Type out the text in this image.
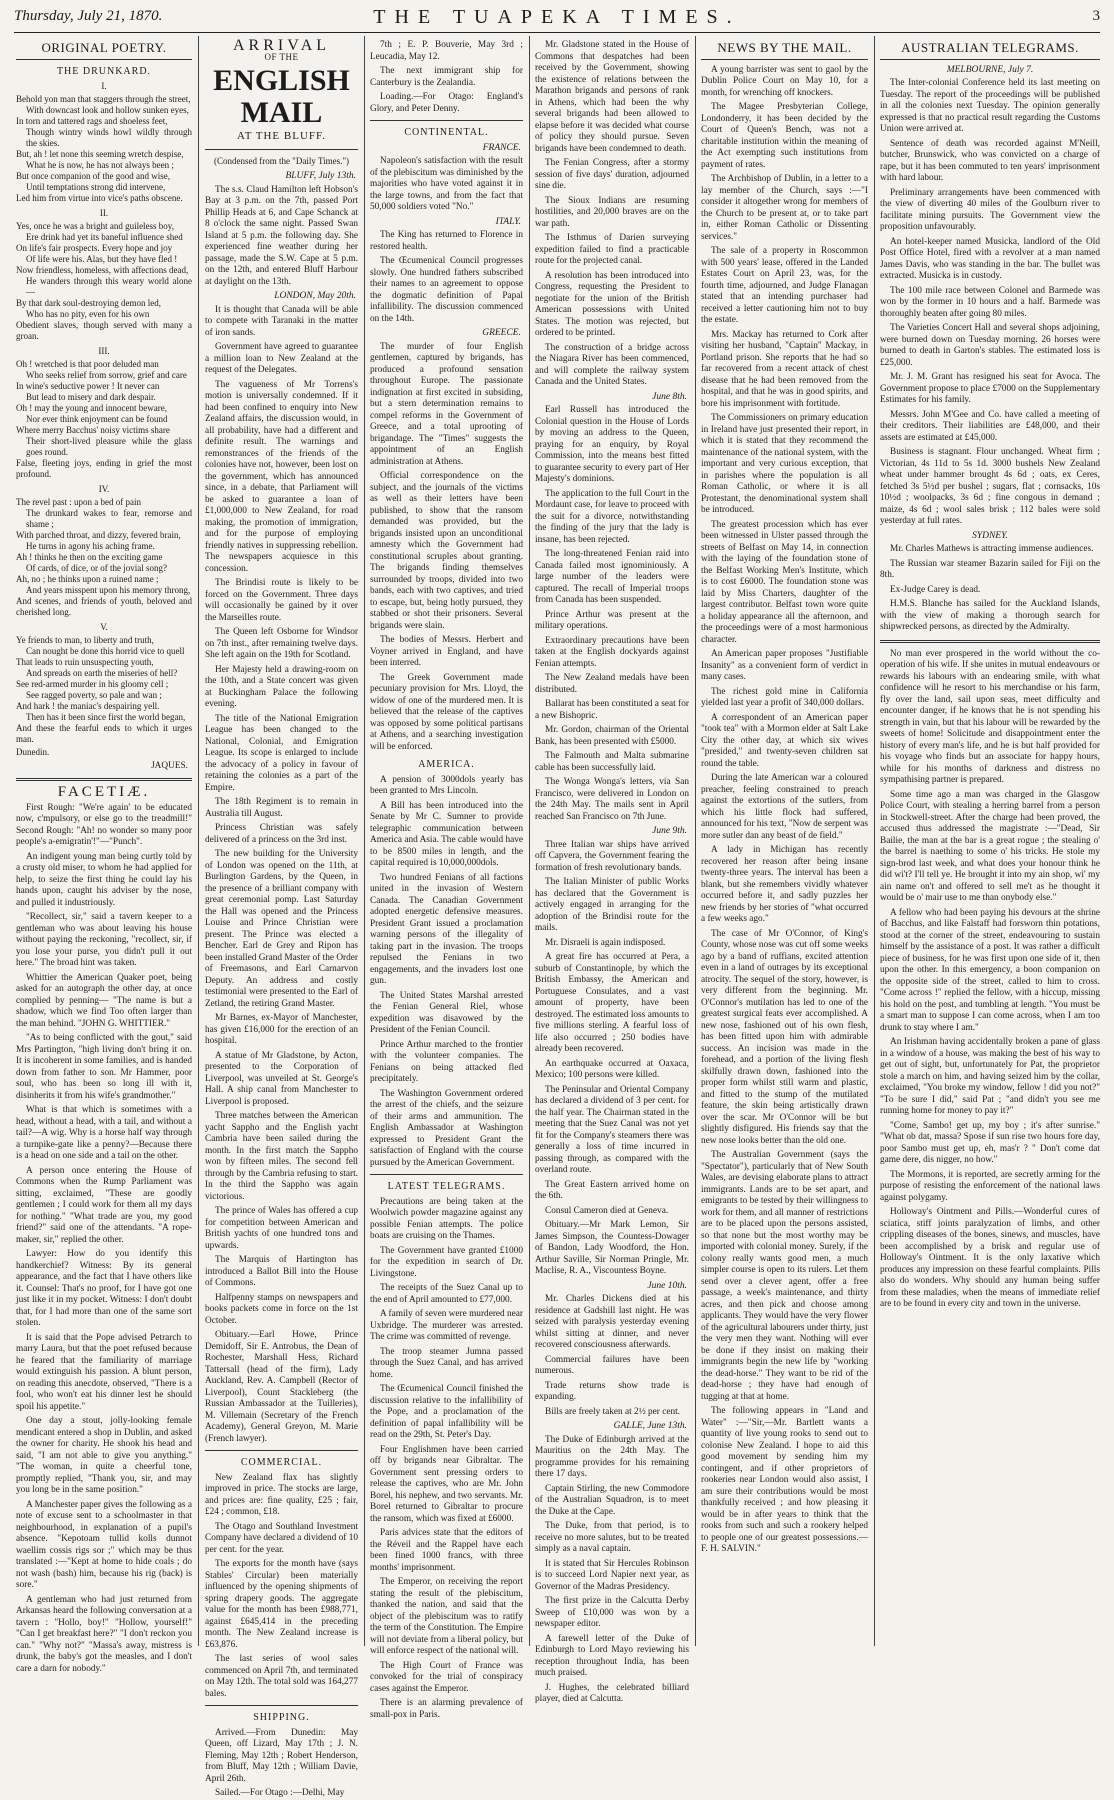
Thursday, July 21, 1870.	THE TUAPEKA TIMES.	3
ORIGINAL POETRY.
THE DRUNKARD.
I.
Behold yon man that staggers through the street,
With downcast look and hollow sunken eyes,
In torn and tattered rags and shoeless feet,
Though wintry winds howl wildly through the skies.
But, ah ! let none this seeming wretch despise,
What he is now, he has not always been ;
But once companion of the good and wise,
Until temptations strong did intervene,
Led him from virtue into vice's paths obscene.
II.
Yes, once he was a bright and guileless boy,
Ere drink had yet its baneful influence shed
On life's fair prospects. Every hope and joy
Of life were his. Alas, but they have fled !
Now friendless, homeless, with affections dead,
He wanders through this weary world alone—
By that dark soul-destroying demon led,
Who has no pity, even for his own
Obedient slaves, though served with many a groan.
III.
Oh ! wretched is that poor deluded man
Who seeks relief from sorrow, grief and care
In wine's seductive power ! It never can
But lead to misery and dark despair.
Oh ! may the young and innocent beware,
Nor ever think enjoyment can be found
Where merry Bacchus' noisy victims share
Their short-lived pleasure while the glass goes round.
False, fleeting joys, ending in grief the most profound.
IV.
The revel past : upon a bed of pain
The drunkard wakes to fear, remorse and shame ;
With parched throat, and dizzy, fevered brain,
He turns in agony his aching frame.
Ah ! thinks he then on the exciting game
Of cards, of dice, or of the jovial song?
Ah, no ; he thinks upon a ruined name ;
And years misspent upon his memory throng,
And scenes, and friends of youth, beloved and cherished long.
V.
Ye friends to man, to liberty and truth,
Can nought be done this horrid vice to quell
That leads to ruin unsuspecting youth,
And spreads on earth the miseries of hell?
See red-armed murder in his gloomy cell ;
See ragged poverty, so pale and wan ;
And hark ! the maniac's despairing yell.
Then has it been since first the world began,
And these the fearful ends to which it urges man.
Dunedin.
JAQUES.
FACETIÆ.

First Rough: "We're again' to be educated now, c'mpulsory, or else go to the treadmill!" Second Rough: "Ah! no wonder so many poor people's a-emigratin'!"—"Punch".

An indigent young man being curtly told by a crusty old miser, to whom he had applied for help, to seize the first thing he could lay his hands upon, caught his adviser by the nose, and pulled it industriously.

"Recollect, sir," said a tavern keeper to a gentleman who was about leaving his house without paying the reckoning, "recollect, sir, if you lose your purse, you didn't pull it out here." The broad hint was taken.

Whittier the American Quaker poet, being asked for an autograph the other day, at once complied by penning— "The name is but a shadow, which we find Too often larger than the man behind. "JOHN G. WHITTIER."

"As to being conflicted with the gout," said Mrs Partington, "high living don't bring it on. It is incoherent in some families, and is handed down from father to son. Mr Hammer, poor soul, who has been so long ill with it, disinherits it from his wife's grandmother."

What is that which is sometimes with a head, without a head, with a tail, and without a tail?—A wig. Why is a horse half way through a turnpike-gate like a penny?—Because there is a head on one side and a tail on the other.

A person once entering the House of Commons when the Rump Parliament was sitting, exclaimed, "These are goodly gentlemen ; I could work for them all my days for nothing." "What trade are you, my good friend?" said one of the attendants. "A rope-maker, sir," replied the other.

Lawyer: How do you identify this handkerchief? Witness: By its general appearance, and the fact that I have others like it. Counsel: That's no proof, for I have got one just like it in my pocket. Witness: I don't doubt that, for I had more than one of the same sort stolen.

It is said that the Pope advised Petrarch to marry Laura, but that the poet refused because he feared that the familiarity of marriage would extinguish his passion. A blunt person, on reading this anecdote, observed, "There is a fool, who won't eat his dinner lest he should spoil his appetite."

One day a stout, jolly-looking female mendicant entered a shop in Dublin, and asked the owner for charity. He shook his head and said, "I am not able to give you anything." "The woman, in quite a cheerful tone, promptly replied, "Thank you, sir, and may you long be in the same position."

A Manchester paper gives the following as a note of excuse sent to a schoolmaster in that neighbourhood, in explanation of a pupil's absence. "Kepotoam tullid kolls dunnot waellim cossis rigs sor ;" which may be thus translated :—"Kept at home to hide coals ; do not wash (bash) him, because his rig (back) is sore."

A gentleman who had just returned from Arkansas heard the following conversation at a tavern : "Hollo, boy!" "Hollow, yourself!" "Can I get breakfast here?" "I don't reckon you can." "Why not?" "Massa's away, mistress is drunk, the baby's got the measles, and I don't care a darn for nobody."

ARRIVAL
OF THE
ENGLISH MAIL
AT THE BLUFF.
(Condensed from the "Daily Times.")
BLUFF, July 13th.

The s.s. Claud Hamilton left Hobson's Bay at 3 p.m. on the 7th, passed Port Phillip Heads at 6, and Cape Schanck at 8 o'clock the same night. Passed Swan Island at 5 p.m. the following day. She experienced fine weather during her passage, made the S.W. Cape at 5 p.m. on the 12th, and entered Bluff Harbour at daylight on the 13th.

LONDON, May 20th.

It is thought that Canada will be able to compete with Taranaki in the matter of iron sands.

Government have agreed to guarantee a million loan to New Zealand at the request of the Delegates.

The vagueness of Mr Torrens's motion is universally condemned. If it had been confined to enquiry into New Zealand affairs, the discussion would, in all probability, have had a different and definite result. The warnings and remonstrances of the friends of the colonies have not, however, been lost on the government, which has announced since, in a debate, that Parliament will be asked to guarantee a loan of £1,000,000 to New Zealand, for road making, the promotion of immigration, and for the purpose of employing friendly natives in suppressing rebellion. The newspapers acquiesce in this concession.

The Brindisi route is likely to be forced on the Government. Three days will occasionally be gained by it over the Marseilles route.

The Queen left Osborne for Windsor on 7th inst., after remaining twelve days. She left again on the 19th for Scotland.

Her Majesty held a drawing-room on the 10th, and a State concert was given at Buckingham Palace the following evening.

The title of the National Emigration League has been changed to the National, Colonial, and Emigration League. Its scope is enlarged to include the advocacy of a policy in favour of retaining the colonies as a part of the Empire.

The 18th Regiment is to remain in Australia till August.

Princess Christian was safely delivered of a princess on the 3rd inst.

The new building for the University of London was opened on the 11th, at Burlington Gardens, by the Queen, in the presence of a brilliant company with great ceremonial pomp. Last Saturday the Hall was opened and the Princess Louise and Prince Christian were present. The Prince was elected a Bencher. Earl de Grey and Ripon has been installed Grand Master of the Order of Freemasons, and Earl Carnarvon Deputy. An address and costly testimonial were presented to the Earl of Zetland, the retiring Grand Master.

Mr Barnes, ex-Mayor of Manchester, has given £16,000 for the erection of an hospital.

A statue of Mr Gladstone, by Acton, presented to the Corporation of Liverpool, was unveiled at St. George's Hall. A ship canal from Manchester to Liverpool is proposed.

Three matches between the American yacht Sappho and the English yacht Cambria have been sailed during the month. In the first match the Sappho won by fifteen miles. The second fell through by the Cambria refusing to start. In the third the Sappho was again victorious.

The prince of Wales has offered a cup for competition between American and British yachts of one hundred tons and upwards.

The Marquis of Hartington has introduced a Ballot Bill into the House of Commons.

Halfpenny stamps on newspapers and books packets come in force on the 1st October.

Obituary.—Earl Howe, Prince Demidoff, Sir E. Antrobus, the Dean of Rochester, Marshall Hess, Richard Tattersall (head of the firm), Lady Auckland, Rev. A. Campbell (Rector of Liverpool), Count Stackleberg (the Russian Ambassador at the Tuilleries), M. Villemain (Secretary of the French Academy), General Greyon, M. Marie (French lawyer).

COMMERCIAL.

New Zealand flax has slightly improved in price. The stocks are large, and prices are: fine quality, £25 ; fair, £24 ; common, £18.

The Otago and Southland Investment Company have declared a dividend of 10 per cent. for the year.

The exports for the month have (says Stables' Circular) been materially influenced by the opening shipments of spring drapery goods. The aggregate value for the month has been £988,771, against £645,414 in the preceding month. The New Zealand increase is £63,876.

The last series of wool sales commenced on April 7th, and terminated on May 12th. The total sold was 164,277 bales.

SHIPPING.

Arrived.—From Dunedin: May Queen, off Lizard, May 17th ; J. N. Fleming, May 12th ; Robert Henderson, from Bluff, May 12th ; William Davie, April 26th.

Sailed.—For Otago :—Delhi, May

7th ; E. P. Bouverie, May 3rd ; Leucadia, May 12.

The next immigrant ship for Canterbury is the Zealandia.

Loading.—For Otago: England's Glory, and Peter Denny.

CONTINENTAL.
FRANCE.

Napoleon's satisfaction with the result of the plebiscitum was diminished by the majorities who have voted against it in the large towns, and from the fact that 50,000 soldiers voted "No."

ITALY.

The King has returned to Florence in restored health.

The Œcumenical Council progresses slowly. One hundred fathers subscribed their names to an agreement to oppose the dogmatic definition of Papal infallibility. The discussion commenced on the 14th.

GREECE.

The murder of four English gentlemen, captured by brigands, has produced a profound sensation throughout Europe. The passionate indignation at first excited in subsiding, but a stern determination remains to compel reforms in the Government of Greece, and a total uprooting of brigandage. The "Times" suggests the appointment of an English administration at Athens.

Official correspondence on the subject, and the journals of the victims as well as their letters have been published, to show that the ransom demanded was provided, but the brigands insisted upon an unconditional amnesty which the Government had constitutional scruples about granting. The brigands finding themselves surrounded by troops, divided into two bands, each with two captives, and tried to escape, but, being hotly pursued, they stabbed or shot their prisoners. Several brigands were slain.

The bodies of Messrs. Herbert and Voyner arrived in England, and have been interred.

The Greek Government made pecuniary provision for Mrs. Lloyd, the widow of one of the murdered men. It is believed that the release of the captives was opposed by some political partisans at Athens, and a searching investigation will be enforced.

AMERICA.

A pension of 3000dols yearly has been granted to Mrs Lincoln.

A Bill has been introduced into the Senate by Mr C. Sumner to provide telegraphic communication between America and Asia. The cable would have to be 8500 miles in length, and the capital required is 10,000,000dols.

Two hundred Fenians of all factions united in the invasion of Western Canada. The Canadian Government adopted energetic defensive measures. President Grant issued a proclamation warning persons of the illegality of taking part in the invasion. The troops repulsed the Fenians in two engagements, and the invaders lost one gun.

The United States Marshal arrested the Fenian General Riel, whose expedition was disavowed by the President of the Fenian Council.

Prince Arthur marched to the frontier with the volunteer companies. The Fenians on being attacked fled precipitately.

The Washington Government ordered the arrest of the chiefs, and the seizure of their arms and ammunition. The English Ambassador at Washington expressed to President Grant the satisfaction of England with the course pursued by the American Government.

LATEST TELEGRAMS.

Precautions are being taken at the Woolwich powder magazine against any possible Fenian attempts. The police boats are cruising on the Thames.

The Government have granted £1000 for the expedition in search of Dr. Livingstone.

The receipts of the Suez Canal up to the end of April amounted to £77,000.

A family of seven were murdered near Uxbridge. The murderer was arrested. The crime was committed of revenge.

The troop steamer Jumna passed through the Suez Canal, and has arrived home.

The Œcumenical Council finished the discussion relative to the infallibility of the Pope, and a proclamation of the definition of papal infallibility will be read on the 29th, St. Peter's Day.

Four Englishmen have been carried off by brigands near Gibraltar. The Government sent pressing orders to release the captives, who are Mr. John Borel, his nephew, and two servants. Mr. Borel returned to Gibraltar to procure the ransom, which was fixed at £6000.

Paris advices state that the editors of the Réveil and the Rappel have each been fined 1000 francs, with three months' imprisonment.

The Emperor, on receiving the report stating the result of the plebiscitum, thanked the nation, and said that the object of the plebiscitum was to ratify the term of the Constitution. The Empire will not deviate from a liberal policy, but will enforce respect of the national will.

The High Court of France was convoked for the trial of conspiracy cases against the Emperor.

There is an alarming prevalence of small-pox in Paris.

Mr. Gladstone stated in the House of Commons that despatches had been received by the Government, showing the existence of relations between the Marathon brigands and persons of rank in Athens, which had been the why several brigands had been allowed to elapse before it was decided what course of policy they should pursue. Seven brigands have been condemned to death.

The Fenian Congress, after a stormy session of five days' duration, adjourned sine die.

The Sioux Indians are resuming hostilities, and 20,000 braves are on the war path.

The Isthmus of Darien surveying expedition failed to find a practicable route for the projected canal.

A resolution has been introduced into Congress, requesting the President to negotiate for the union of the British American possessions with United States. The motion was rejected, but ordered to be printed.

The construction of a bridge across the Niagara River has been commenced, and will complete the railway system Canada and the United States.

June 8th.

Earl Russell has introduced the Colonial question in the House of Lords by moving an address to the Queen, praying for an enquiry, by Royal Commission, into the means best fitted to guarantee security to every part of Her Majesty's dominions.

The application to the full Court in the Mordaunt case, for leave to proceed with the suit for a divorce, notwithstanding the finding of the jury that the lady is insane, has been rejected.

The long-threatened Fenian raid into Canada failed most ignominiously. A large number of the leaders were captured. The recall of Imperial troops from Canada has been suspended.

Prince Arthur was present at the military operations.

Extraordinary precautions have been taken at the English dockyards against Fenian attempts.

The New Zealand medals have been distributed.

Ballarat has been constituted a seat for a new Bishopric.

Mr. Gordon, chairman of the Oriental Bank, has been presented with £5000.

The Falmouth and Malta submarine cable has been successfully laid.

The Wonga Wonga's letters, via San Francisco, were delivered in London on the 24th May. The mails sent in April reached San Francisco on 7th June.

June 9th.

Three Italian war ships have arrived off Capvera, the Government fearing the formation of fresh revolutionary bands.

The Italian Minister of public Works has declared that the Government is actively engaged in arranging for the adoption of the Brindisi route for the mails.

Mr. Disraeli is again indisposed.

A great fire has occurred at Pera, a suburb of Constantinople, by which the British Embassy, the American and Portuguese Consulates, and a vast amount of property, have been destroyed. The estimated loss amounts to five millions sterling. A fearful loss of life also occurred ; 250 bodies have already been recovered.

An earthquake occurred at Oaxaca, Mexico; 100 persons were killed.

The Peninsular and Oriental Company has declared a dividend of 3 per cent. for the half year. The Chairman stated in the meeting that the Suez Canal was not yet fit for the Company's steamers there was generally a loss of time incurred in passing through, as compared with the overland route.

The Great Eastern arrived home on the 6th.

Consul Cameron died at Geneva.

Obituary.—Mr Mark Lemon, Sir James Simpson, the Countess-Dowager of Bandon, Lady Woodford, the Hon. Arthur Saville, Sir Norman Pringle, Mr. Maclise, R. A., Viscountess Boyne.

June 10th.

Mr. Charles Dickens died at his residence at Gadshill last night. He was seized with paralysis yesterday evening whilst sitting at dinner, and never recovered consciousness afterwards.

Commercial failures have been numerous.

Trade returns show trade is expanding.

Bills are freely taken at 2½ per cent.

GALLE, June 13th.

The Duke of Edinburgh arrived at the Mauritius on the 24th May. The programme provides for his remaining there 17 days.

Captain Stirling, the new Commodore of the Australian Squadron, is to meet the Duke at the Cape.

The Duke, from that period, is to receive no more salutes, but to be treated simply as a naval captain.

It is stated that Sir Hercules Robinson is to succeed Lord Napier next year, as Governor of the Madras Presidency.

The first prize in the Calcutta Derby Sweep of £10,000 was won by a newspaper editor.

A farewell letter of the Duke of Edinburgh to Lord Mayo reviewing his reception throughout India, has been much praised.

J. Hughes, the celebrated billiard player, died at Calcutta.

NEWS BY THE MAIL.

A young barrister was sent to gaol by the Dublin Police Court on May 10, for a month, for wrenching off knockers.

The Magee Presbyterian College, Londonderry, it has been decided by the Court of Queen's Bench, was not a charitable institution within the meaning of the Act exempting such institutions from payment of rates.

The Archbishop of Dublin, in a letter to a lay member of the Church, says :—"I consider it altogether wrong for members of the Church to be present at, or to take part in, either Roman Catholic or Dissenting services."

The sale of a property in Roscommon with 500 years' lease, offered in the Landed Estates Court on April 23, was, for the fourth time, adjourned, and Judge Flanagan stated that an intending purchaser had received a letter cautioning him not to buy the estate.

Mrs. Mackay has returned to Cork after visiting her husband, "Captain" Mackay, in Portland prison. She reports that he had so far recovered from a recent attack of chest disease that he had been removed from the hospital, and that he was in good spirits, and bore his imprisonment with fortitude.

The Commissioners on primary education in Ireland have just presented their report, in which it is stated that they recommend the maintenance of the national system, with the important and very curious exception, that in parishes where the population is all Roman Catholic, or where it is all Protestant, the denominational system shall be introduced.

The greatest procession which has ever been witnessed in Ulster passed through the streets of Belfast on May 14, in connection with the laying of the foundation stone of the Belfast Working Men's Institute, which is to cost £6000. The foundation stone was laid by Miss Charters, daughter of the largest contributor. Belfast town wore quite a holiday appearance all the afternoon, and the proceedings were of a most harmonious character.

An American paper proposes "Justifiable Insanity" as a convenient form of verdict in many cases.

The richest gold mine in California yielded last year a profit of 340,000 dollars.

A correspondent of an American paper "took tea" with a Mormon elder at Salt Lake City the other day, at which six wives "presided," and twenty-seven children sat round the table.

During the late American war a coloured preacher, feeling constrained to preach against the extortions of the sutlers, from which his little flock had suffered, announced for his text, "Now de serpent was more sutler dan any beast of de field."

A lady in Michigan has recently recovered her reason after being insane twenty-three years. The interval has been a blank, but she remembers vividly whatever occurred before it, and sadly puzzles her new friends by her stories of "what occurred a few weeks ago."

The case of Mr O'Connor, of King's County, whose nose was cut off some weeks ago by a band of ruffians, excited attention even in a land of outrages by its exceptional atrocity. The sequel of the story, however, is very different from the beginning. Mr. O'Connor's mutilation has led to one of the greatest surgical feats ever accomplished. A new nose, fashioned out of his own flesh, has been fitted upon him with admirable success. An incision was made in the forehead, and a portion of the living flesh skilfully drawn down, fashioned into the proper form whilst still warm and plastic, and fitted to the stump of the mutilated feature, the skin being artistically drawn over the scar. Mr O'Connor will be but slightly disfigured. His friends say that the new nose looks better than the old one.

The Australian Government (says the "Spectator"), particularly that of New South Wales, are devising elaborate plans to attract immigrants. Lands are to be set apart, and emigrants to be tested by their willingness to work for them, and all manner of restrictions are to be placed upon the persons assisted, so that none but the most worthy may be imported with colonial money. Surely, if the colony really wants good men, a much simpler course is open to its rulers. Let them send over a clever agent, offer a free passage, a week's maintenance, and thirty acres, and then pick and choose among applicants. They would have the very flower of the agricultural labourers under thirty, just the very men they want. Nothing will ever be done if they insist on making their immigrants begin the new life by "working the dead-horse." They want to be rid of the dead-horse ; they have had enough of tugging at that at home.

The following appears in "Land and Water" :—"Sir,—Mr. Bartlett wants a quantity of live young rooks to send out to colonise New Zealand. I hope to aid this good movement by sending him my contingent, and if other proprietors of rookeries near London would also assist, I am sure their contributions would be most thankfully received ; and how pleasing it would be in after years to think that the rooks from such and such a rookery helped to people one of our greatest possessions.—F. H. SALVIN."

AUSTRALIAN TELEGRAMS.
MELBOURNE, July 7.

The Inter-colonial Conference held its last meeting on Tuesday. The report of the proceedings will be published in all the colonies next Tuesday. The opinion generally expressed is that no practical result regarding the Customs Union were arrived at.

Sentence of death was recorded against M'Neill, butcher, Brunswick, who was convicted on a charge of rape, but it has been commuted to ten years' imprisonment with hard labour.

Preliminary arrangements have been commenced with the view of diverting 40 miles of the Goulburn river to facilitate mining pursuits. The Government view the proposition unfavourably.

An hotel-keeper named Musicka, landlord of the Old Post Office Hotel, fired with a revolver at a man named James Davis, who was standing in the bar. The bullet was extracted. Musicka is in custody.

The 100 mile race between Colonel and Barmede was won by the former in 10 hours and a half. Barmede was thoroughly beaten after going 80 miles.

The Varieties Concert Hall and several shops adjoining, were burned down on Tuesday morning. 26 horses were burned to death in Garton's stables. The estimated loss is £25,000.

Mr. J. M. Grant has resigned his seat for Avoca. The Government propose to place £7000 on the Supplementary Estimates for his family.

Messrs. John M'Gee and Co. have called a meeting of their creditors. Their liabilities are £48,000, and their assets are estimated at £45,000.

Business is stagnant. Flour unchanged. Wheat firm ; Victorian, 4s 11d to 5s 1d. 3000 bushels New Zealand wheat under hammer brought 4s 6d ; oats, ex Ceres, fetched 3s 5½d per bushel ; sugars, flat ; cornsacks, 10s 10½d ; woolpacks, 3s 6d ; fine congous in demand ; maize, 4s 6d ; wool sales brisk ; 112 bales were sold yesterday at full rates.

SYDNEY.

Mr. Charles Mathews is attracting immense audiences.

The Russian war steamer Bazarin sailed for Fiji on the 8th.

Ex-Judge Carey is dead.

H.M.S. Blanche has sailed for the Auckland Islands, with the view of making a thorough search for shipwrecked persons, as directed by the Admiralty.

No man ever prospered in the world without the co-operation of his wife. If she unites in mutual endeavours or rewards his labours with an endearing smile, with what confidence will he resort to his merchandise or his farm, fly over the land, sail upon seas, meet difficulty and encounter danger, if he knows that he is not spending his strength in vain, but that his labour will be rewarded by the sweets of home! Solicitude and disappointment enter the history of every man's life, and he is but half provided for his voyage who finds but an associate for happy hours, while for his months of darkness and distress no sympathising partner is prepared.

Some time ago a man was charged in the Glasgow Police Court, with stealing a herring barrel from a person in Stockwell-street. After the charge had been proved, the accused thus addressed the magistrate :—"Dead, Sir Bailie, the man at the bar is a great rogue ; the stealing o' the barrel is naething to some o' his tricks. He stole my sign-brod last week, and what does your honour think he did wi't? I'll tell ye. He brought it into my ain shop, wi' my ain name on't and offered to sell me't as he thought it would be o' mair use to me than onybody else."

A fellow who had been paying his devours at the shrine of Bacchus, and like Falstaff had forsworn thin potations, stood at the corner of the street, endeavouring to sustain himself by the assistance of a post. It was rather a difficult piece of business, for he was first upon one side of it, then upon the other. In this emergency, a boon companion on the opposite side of the street, called to him to cross. "Come across !" replied the fellow, with a hiccup, missing his hold on the post, and tumbling at length. "You must be a smart man to suppose I can come across, when I am too drunk to stay where I am."

An Irishman having accidentally broken a pane of glass in a window of a house, was making the best of his way to get out of sight, but, unfortunately for Pat, the proprietor stole a march on him, and having seized him by the collar, exclaimed, "You broke my window, fellow ! did you not?" "To be sure I did," said Pat ; "and didn't you see me running home for money to pay it?"

"Come, Sambo! get up, my boy ; it's after sunrise." "What ob dat, massa? Spose if sun rise two hours fore day, poor Sambo must get up, eh, mas'r ? " Don't come dat game dere, dis nigger, no how."

The Mormons, it is reported, are secretly arming for the purpose of resisting the enforcement of the national laws against polygamy.

Holloway's Ointment and Pills.—Wonderful cures of sciatica, stiff joints paralyzation of limbs, and other crippling diseases of the bones, sinews, and muscles, have been accomplished by a brisk and regular use of Holloway's Ointment. It is the only laxative which produces any impression on these fearful complaints. Pills also do wonders. Why should any human being suffer from these maladies, when the means of immediate relief are to be found in every city and town in the universe.
